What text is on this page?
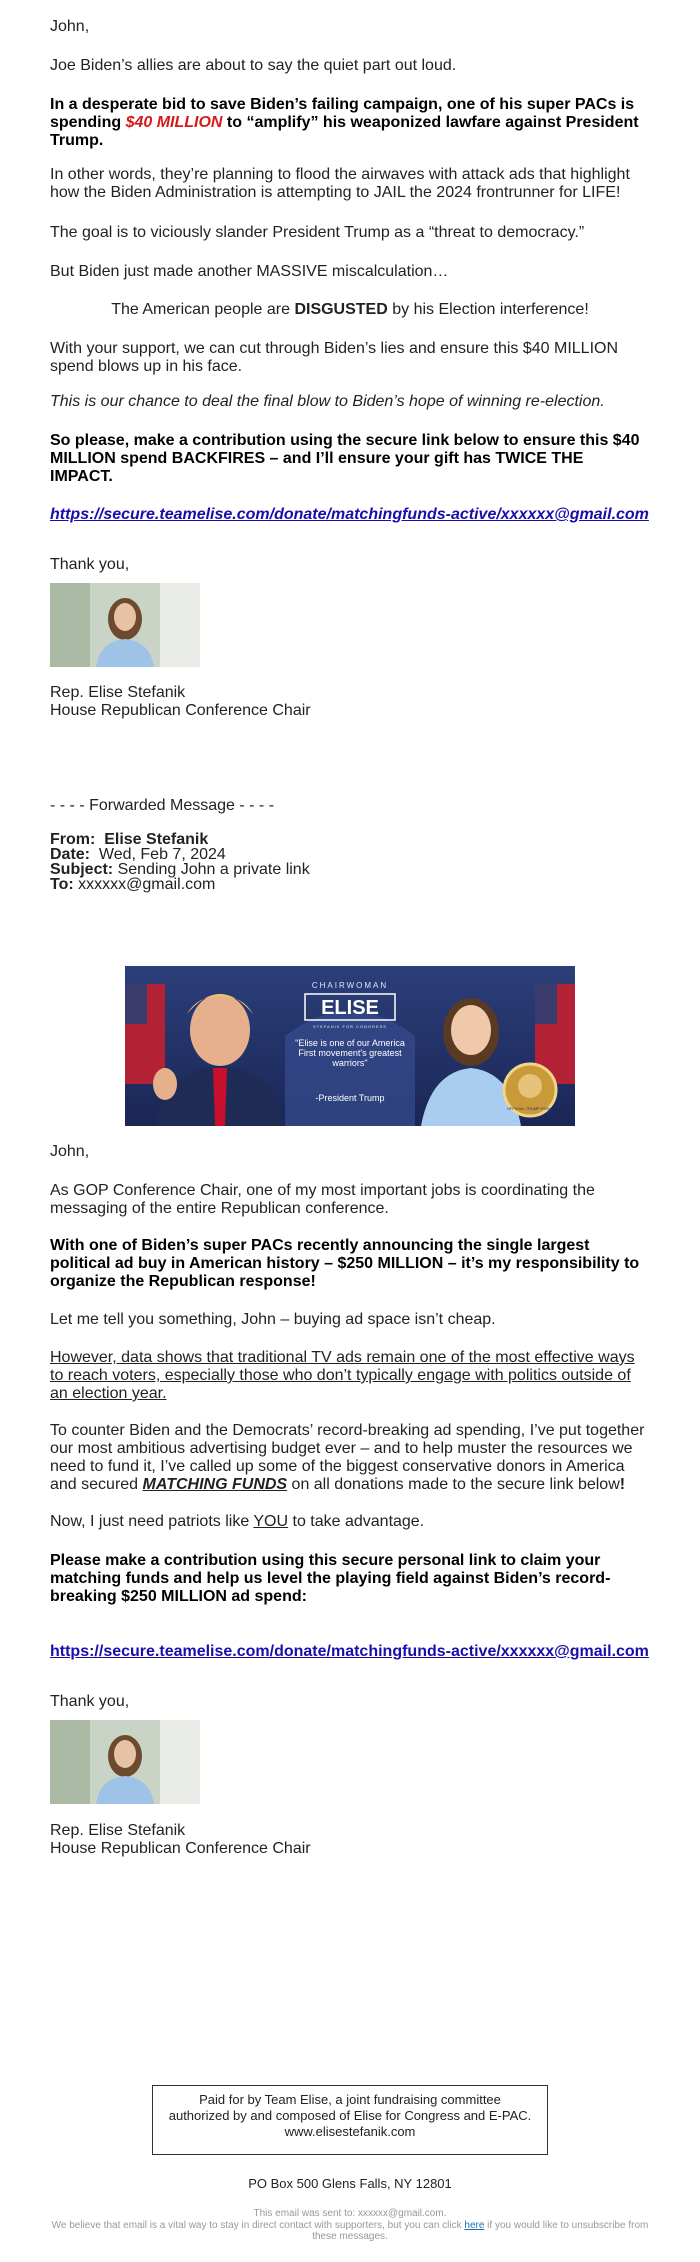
John,

Joe Biden’s allies are about to say the quiet part out loud.

In a desperate bid to save Biden’s failing campaign, one of his super PACs is spending $40 MILLION to “amplify” his weaponized lawfare against President Trump.

In other words, they’re planning to flood the airwaves with attack ads that highlight how the Biden Administration is attempting to JAIL the 2024 frontrunner for LIFE!

The goal is to viciously slander President Trump as a “threat to democracy.”

But Biden just made another MASSIVE miscalculation…

The American people are DISGUSTED by his Election interference!

With your support, we can cut through Biden’s lies and ensure this $40 MILLION spend blows up in his face.

This is our chance to deal the final blow to Biden’s hope of winning re-election.

So please, make a contribution using the secure link below to ensure this $40 MILLION spend BACKFIRES – and I’ll ensure your gift has TWICE THE IMPACT.

https://secure.teamelise.com/donate/matchingfunds-active/xxxxxx@gmail.com

Thank you,

Rep. Elise Stefanik

House Republican Conference Chair

- - - - Forwarded Message - - - -

From: Elise Stefanik

Date: Wed, Feb 7, 2024

Subject: Sending John a private link

To: xxxxxx@gmail.com

OFFICIAL TRUMP POINT
CHAIRWOMAN
ELISE
STEFANIK FOR CONGRESS
"Elise is one of our America First movement's greatest warriors"
-President Trump

John,

As GOP Conference Chair, one of my most important jobs is coordinating the messaging of the entire Republican conference.

With one of Biden’s super PACs recently announcing the single largest political ad buy in American history – $250 MILLION – it’s my responsibility to organize the Republican response!

Let me tell you something, John – buying ad space isn’t cheap.

However, data shows that traditional TV ads remain one of the most effective ways to reach voters, especially those who don’t typically engage with politics outside of an election year.

To counter Biden and the Democrats’ record-breaking ad spending, I’ve put together our most ambitious advertising budget ever – and to help muster the resources we need to fund it, I’ve called up some of the biggest conservative donors in America and secured MATCHING FUNDS on all donations made to the secure link below!

Now, I just need patriots like YOU to take advantage.

Please make a contribution using this secure personal link to claim your matching funds and help us level the playing field against Biden’s record-breaking $250 MILLION ad spend:

https://secure.teamelise.com/donate/matchingfunds-active/xxxxxx@gmail.com

Thank you,

Rep. Elise Stefanik

House Republican Conference Chair

Paid for by Team Elise, a joint fundraising committee authorized by and composed of Elise for Congress and E-PAC. www.elisestefanik.com

PO Box 500 Glens Falls, NY 12801

This email was sent to: xxxxxx@gmail.com.
We believe that email is a vital way to stay in direct contact with supporters, but you can click here if you would like to unsubscribe from these messages.
